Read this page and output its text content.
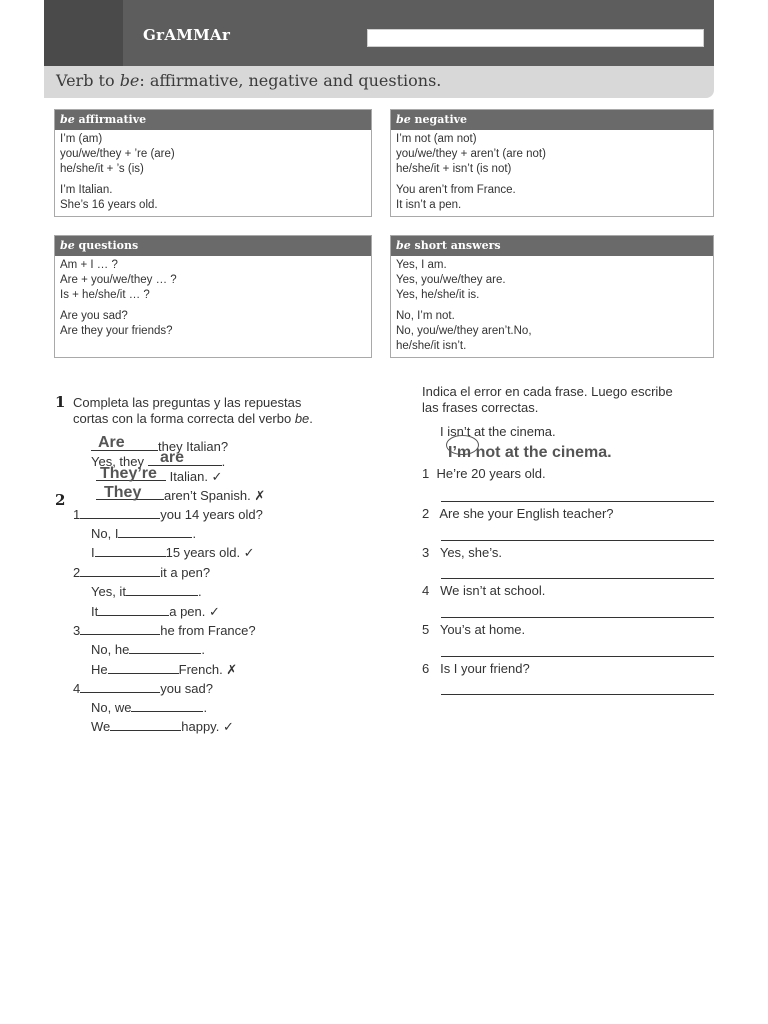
GrAMMAr
Verb to be: affirmative, negative and questions.
be affirmative
I’m (am)
you/we/they + ’re (are)
he/she/it + ’s (is)
I’m Italian.
She’s 16 years old.
be negative
I’m not (am not)
you/we/they + aren’t (are not)
he/she/it + isn’t (is not)
You aren’t from France.
It isn’t a pen.
be questions
Am + I … ?
Are + you/we/they … ?
Is + he/she/it … ?
Are you sad?
Are they your friends?
be short answers
Yes, I am.
Yes, you/we/they are.
Yes, he/she/it is.
No, I’m not.
No, you/we/they aren’t.No,
he/she/it isn’t.
1 Completa las preguntas y las repuestas
cortas con la forma correcta del verbo be.
they Italian?
Are
Yes, they	.
are
Italian. ✓
They’re
aren’t Spanish. ✗
They
1	you 14 years old?
No, I	.
I	15 years old. ✓
2	it a pen?
Yes, it	.
It	a pen. ✓
3	he from France?
No, he	.
He	French. ✗
4	you sad?
No, we	.
We	happy. ✓
2
Indica el error en cada frase. Luego escribe
las frases correctas.
I isn’t at the cinema.
I’m not at the cinema.
1 He’re 20 years old.
2 Are she your English teacher?
3 Yes, she’s.
4 We isn’t at school.
5 You’s at home.
6 Is I your friend?
